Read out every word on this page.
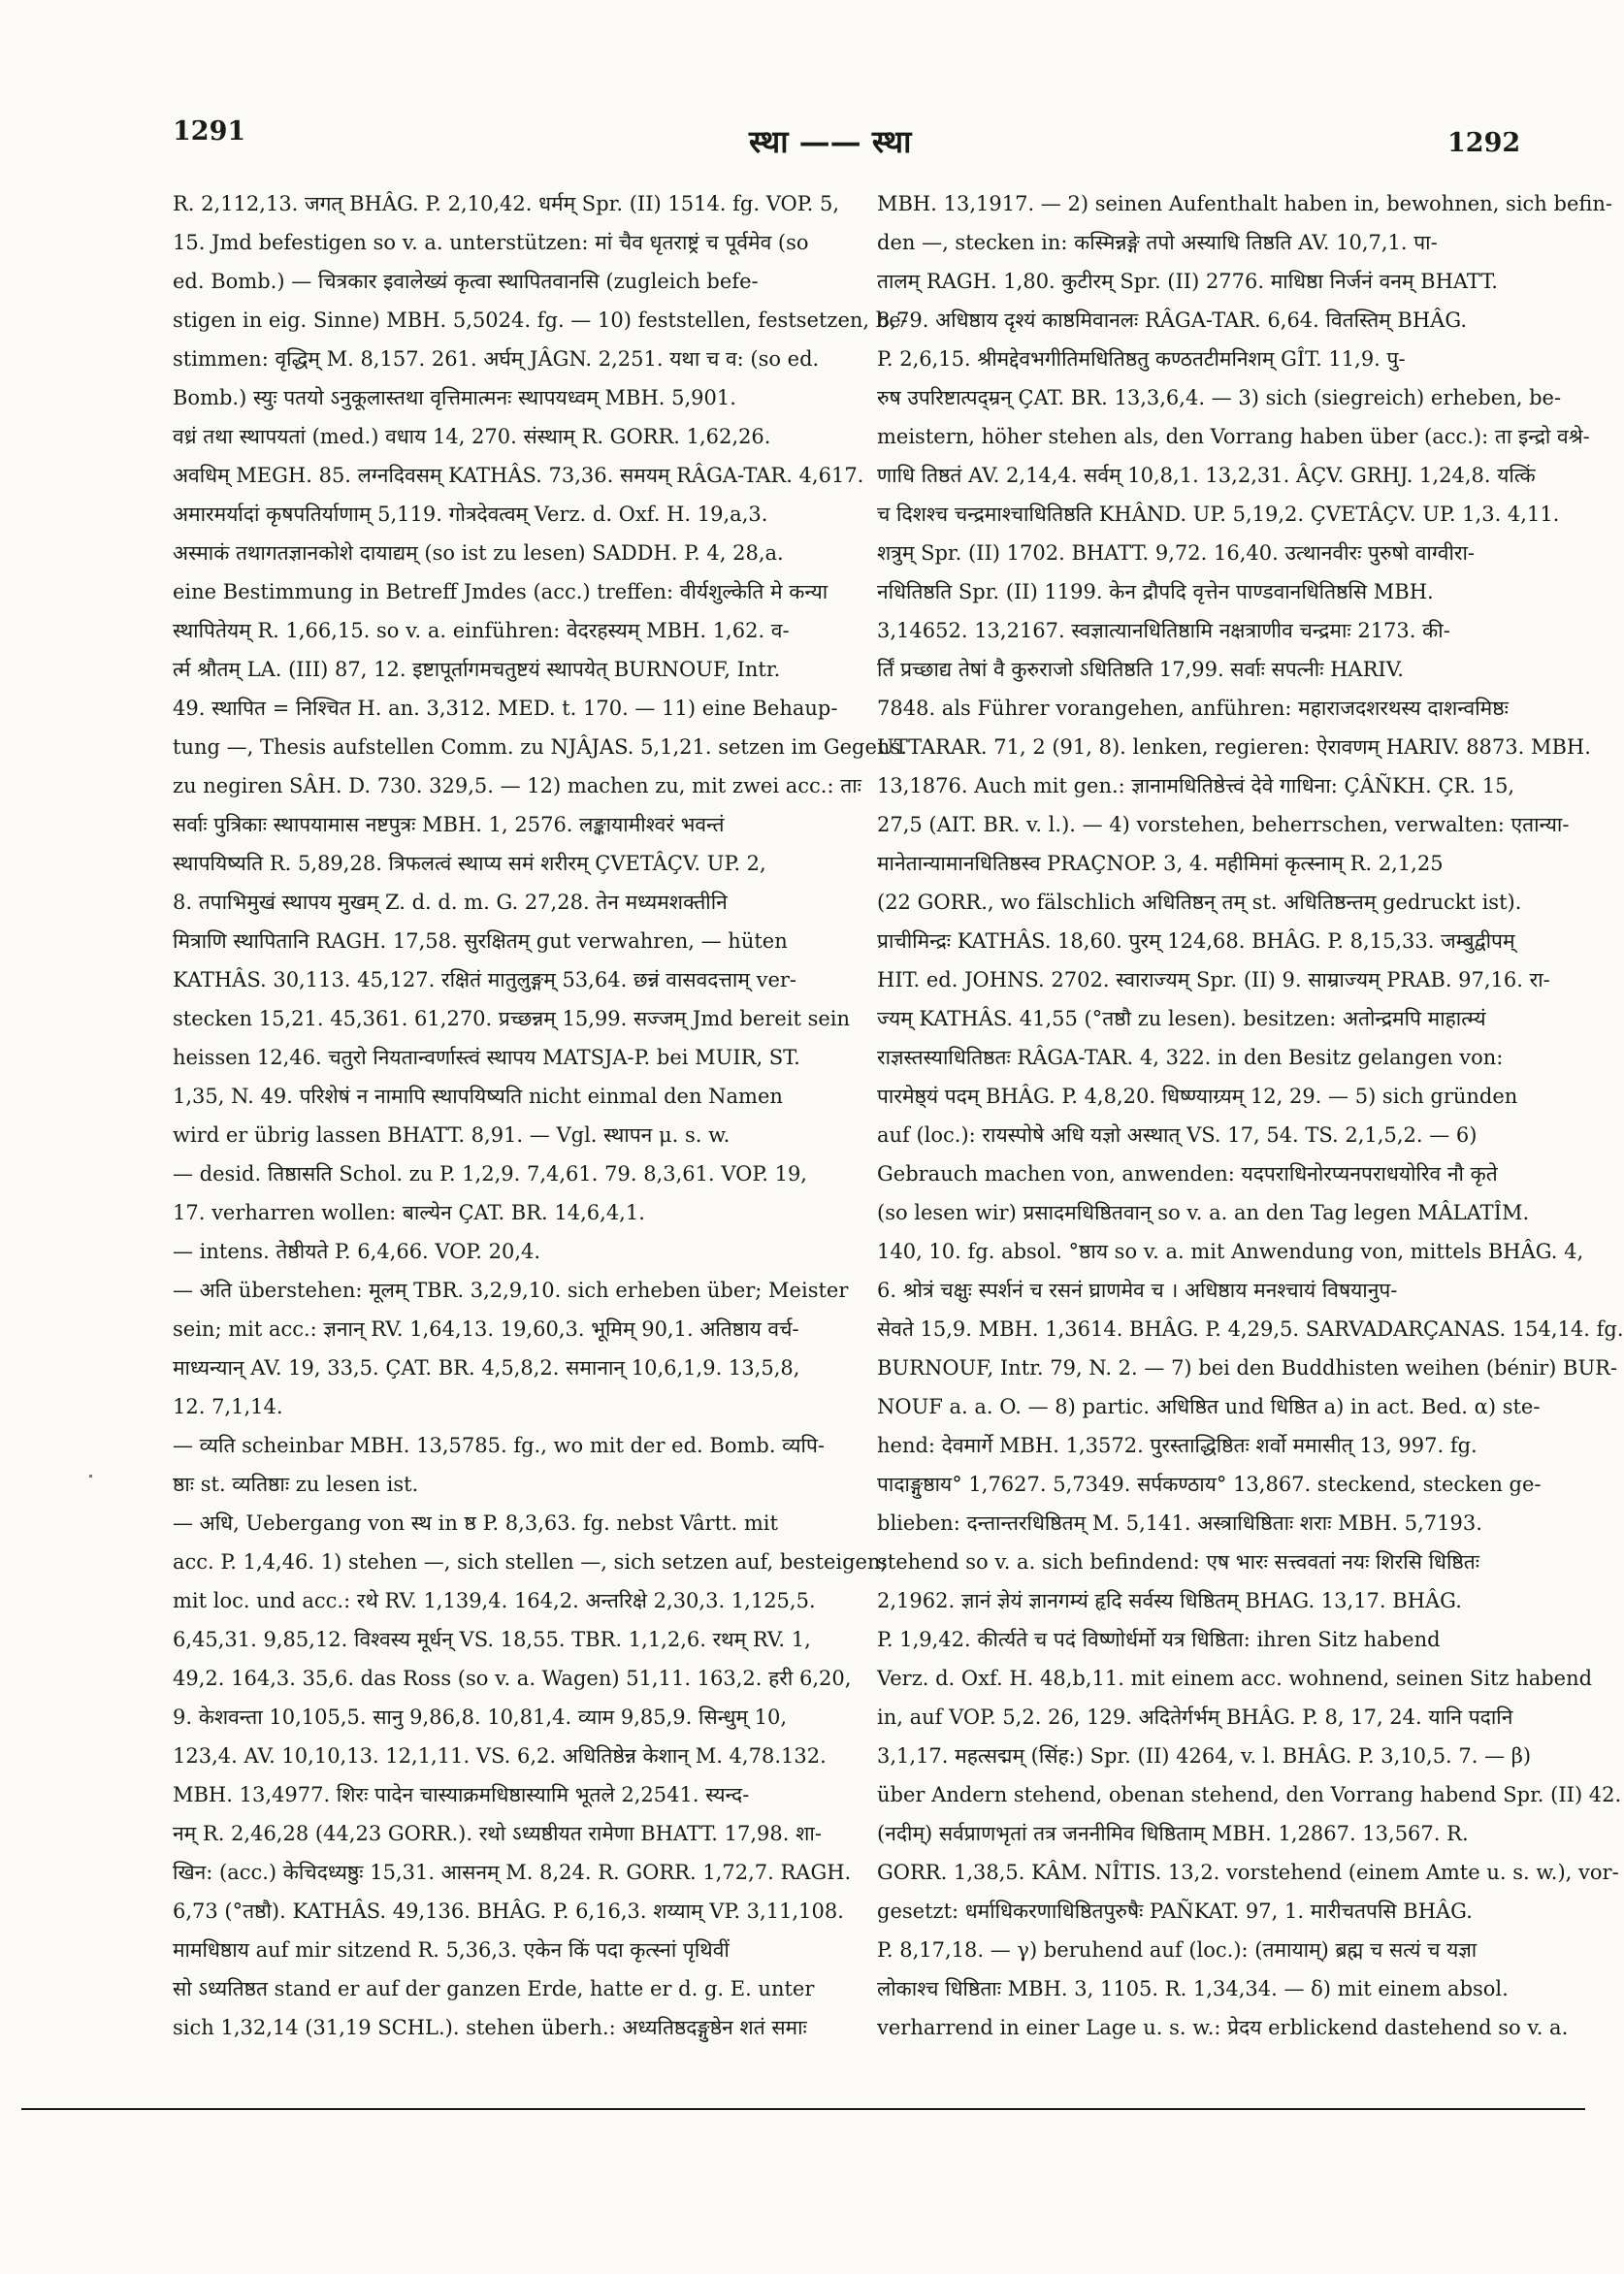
1291	स्था —— स्था	1292
R. 2,112,13. जगत् BHÂG. P. 2,10,42. धर्मम् Spr. (II) 1514. fg. VOP. 5,
15. Jmd befestigen so v. a. unterstützen: मां चैव धृतराष्ट्रं च पूर्वमेव (so
ed. Bomb.) — चित्रकार इवालेख्यं कृत्वा स्थापितवानसि (zugleich befe-
stigen in eig. Sinne) MBH. 5,5024. fg. — 10) feststellen, festsetzen, be-
stimmen: वृद्धिम् M. 8,157. 261. अर्घम् JÂGN. 2,251. यथा च व: (so ed.
Bomb.) स्युः पतयो ऽनुकूलास्तथा वृत्तिमात्मनः स्थापयध्वम् MBH. 5,901.
वध्रं तथा स्थापयतां (med.) वधाय 14, 270. संस्थाम् R. GORR. 1,62,26.
अवधिम् MEGH. 85. लग्नदिवसम् KATHÂS. 73,36. समयम् RÂGA-TAR. 4,617.
अमारमर्यादां कृषपतिर्याणाम् 5,119. गोत्रदेवत्वम् Verz. d. Oxf. H. 19,a,3.
अस्माकं तथागतज्ञानकोशे दायाद्यम् (so ist zu lesen) SADDH. P. 4, 28,a.
eine Bestimmung in Betreff Jmdes (acc.) treffen: वीर्यशुल्केति मे कन्या
स्थापितेयम् R. 1,66,15. so v. a. einführen: वेदरहस्यम् MBH. 1,62. व-
र्त्म श्रौतम् LA. (III) 87, 12. इष्टापूर्तागमचतुष्टयं स्थापयेत् BURNOUF, Intr.
49. स्थापित = निश्चित H. an. 3,312. MED. t. 170. — 11) eine Behaup-
tung —, Thesis aufstellen Comm. zu NJÂJAS. 5,1,21. setzen im Gegens.
zu negiren SÂH. D. 730. 329,5. — 12) machen zu, mit zwei acc.: ताः
सर्वाः पुत्रिकाः स्थापयामास नष्टपुत्रः MBH. 1, 2576. लङ्कायामीश्वरं भवन्तं
स्थापयिष्यति R. 5,89,28. त्रिफलत्वं स्थाप्य समं शरीरम् ÇVETÂÇV. UP. 2,
8. तपाभिमुखं स्थापय मुखम् Z. d. d. m. G. 27,28. तेन मध्यमशक्तीनि
मित्राणि स्थापितानि RAGH. 17,58. सुरक्षितम् gut verwahren, — hüten
KATHÂS. 30,113. 45,127. रक्षितं मातुलुङ्गम् 53,64. छन्नं वासवदत्ताम् ver-
stecken 15,21. 45,361. 61,270. प्रच्छन्नम् 15,99. सज्जम् Jmd bereit sein
heissen 12,46. चतुरो नियतान्वर्णास्त्वं स्थापय MATSJA-P. bei MUIR, ST.
1,35, N. 49. परिशेषं न नामापि स्थापयिष्यति nicht einmal den Namen
wird er übrig lassen BHATT. 8,91. — Vgl. स्थापन μ. s. w.
— desid. तिष्ठासति Schol. zu P. 1,2,9. 7,4,61. 79. 8,3,61. VOP. 19,
17. verharren wollen: बाल्येन ÇAT. BR. 14,6,4,1.
— intens. तेष्ठीयते P. 6,4,66. VOP. 20,4.
— अति überstehen: मूलम् TBR. 3,2,9,10. sich erheben über; Meister
sein; mit acc.: ज्ञनान् RV. 1,64,13. 19,60,3. भूमिम् 90,1. अतिष्ठाय वर्च-
माध्यन्यान् AV. 19, 33,5. ÇAT. BR. 4,5,8,2. समानान् 10,6,1,9. 13,5,8,
12. 7,1,14.
— व्यति scheinbar MBH. 13,5785. fg., wo mit der ed. Bomb. व्यपि-
ष्ठाः st. व्यतिष्ठाः zu lesen ist.
— अधि, Uebergang von स्थ in ष्ठ P. 8,3,63. fg. nebst Vârtt. mit
acc. P. 1,4,46. 1) stehen —, sich stellen —, sich setzen auf, besteigen;
mit loc. und acc.: रथे RV. 1,139,4. 164,2. अन्तरिक्षे 2,30,3. 1,125,5.
6,45,31. 9,85,12. विश्वस्य मूर्धन् VS. 18,55. TBR. 1,1,2,6. रथम् RV. 1,
49,2. 164,3. 35,6. das Ross (so v. a. Wagen) 51,11. 163,2. हरी 6,20,
9. केशवन्ता 10,105,5. सानु 9,86,8. 10,81,4. व्याम 9,85,9. सिन्धुम् 10,
123,4. AV. 10,10,13. 12,1,11. VS. 6,2. अधितिष्ठेन्न केशान् M. 4,78.132.
MBH. 13,4977. शिरः पादेन चास्याक्रमधिष्ठास्यामि भूतले 2,2541. स्यन्द-
नम् R. 2,46,28 (44,23 GORR.). रथो ऽध्यष्ठीयत रामेणा BHATT. 17,98. शा-
खिन: (acc.) केचिदध्यष्ठुः 15,31. आसनम् M. 8,24. R. GORR. 1,72,7. RAGH.
6,73 (°तष्ठौ). KATHÂS. 49,136. BHÂG. P. 6,16,3. शय्याम् VP. 3,11,108.
मामधिष्ठाय auf mir sitzend R. 5,36,3. एकेन किं पदा कृत्स्नां पृथिवीं
सो ऽध्यतिष्ठत stand er auf der ganzen Erde, hatte er d. g. E. unter
sich 1,32,14 (31,19 SCHL.). stehen überh.: अध्यतिष्ठदङ्गुष्ठेन शतं समाः
MBH. 13,1917. — 2) seinen Aufenthalt haben in, bewohnen, sich befin-
den —, stecken in: कस्मिन्नङ्गे तपो अस्याधि तिष्ठति AV. 10,7,1. पा-
तालम् RAGH. 1,80. कुटीरम् Spr. (II) 2776. माधिष्ठा निर्जनं वनम् BHATT.
8,79. अधिष्ठाय दृश्यं काष्ठमिवानलः RÂGA-TAR. 6,64. वितस्तिम् BHÂG.
P. 2,6,15. श्रीमद्देवभगीतिमधितिष्ठतु कण्ठतटीमनिशम् GÎT. 11,9. पु-
रुष उपरिष्टात्पद्म्रन् ÇAT. BR. 13,3,6,4. — 3) sich (siegreich) erheben, be-
meistern, höher stehen als, den Vorrang haben über (acc.): ता इन्द्रो वश्रे-
णाधि तिष्ठतं AV. 2,14,4. सर्वम् 10,8,1. 13,2,31. ÂÇV. GRHJ. 1,24,8. यत्किं
च दिशश्च चन्द्रमाश्चाधितिष्ठति KHÂND. UP. 5,19,2. ÇVETÂÇV. UP. 1,3. 4,11.
शत्रुम् Spr. (II) 1702. BHATT. 9,72. 16,40. उत्थानवीरः पुरुषो वाग्वीरा-
नधितिष्ठति Spr. (II) 1199. केन द्रौपदि वृत्तेन पाण्डवानधितिष्ठसि MBH.
3,14652. 13,2167. स्वज्ञात्यानधितिष्ठामि नक्षत्राणीव चन्द्रमाः 2173. की-
र्तिं प्रच्छाद्य तेषां वै कुरुराजो ऽधितिष्ठति 17,99. सर्वाः सपत्नीः HARIV.
7848. als Führer vorangehen, anführen: महाराजदशरथस्य दाशन्वमिष्ठः
UTTARAR. 71, 2 (91, 8). lenken, regieren: ऐरावणम् HARIV. 8873. MBH.
13,1876. Auch mit gen.: ज्ञानामधितिष्ठेत्त्वं देवे गाधिना: ÇÂÑKH. ÇR. 15,
27,5 (AIT. BR. v. l.). — 4) vorstehen, beherrschen, verwalten: एतान्या-
मानेतान्यामानधितिष्ठस्व PRAÇNOP. 3, 4. महीमिमां कृत्स्नाम् R. 2,1,25
(22 GORR., wo fälschlich अधितिष्ठन् तम् st. अधितिष्ठन्तम् gedruckt ist).
प्राचीमिन्द्रः KATHÂS. 18,60. पुरम् 124,68. BHÂG. P. 8,15,33. जम्बुद्वीपम्
HIT. ed. JOHNS. 2702. स्वाराज्यम् Spr. (II) 9. साम्राज्यम् PRAB. 97,16. रा-
ज्यम् KATHÂS. 41,55 (°तष्ठौ zu lesen). besitzen: अतोन्द्रमपि माहात्म्यं
राज्ञस्तस्याधितिष्ठतः RÂGA-TAR. 4, 322. in den Besitz gelangen von:
पारमेष्ठ्यं पदम् BHÂG. P. 4,8,20. धिष्ण्याग्र्यम् 12, 29. — 5) sich gründen
auf (loc.): रायस्पोषे अधि यज्ञो अस्थात् VS. 17, 54. TS. 2,1,5,2. — 6)
Gebrauch machen von, anwenden: यदपराधिनोरप्यनपराधयोरिव नौ कृते
(so lesen wir) प्रसादमधिष्ठितवान् so v. a. an den Tag legen MÂLATÎM.
140, 10. fg. absol. °ष्ठाय so v. a. mit Anwendung von, mittels BHÂG. 4,
6. श्रोत्रं चक्षुः स्पर्शनं च रसनं घ्राणमेव च । अधिष्ठाय मनश्चायं विषयानुप-
सेवते 15,9. MBH. 1,3614. BHÂG. P. 4,29,5. SARVADARÇANAS. 154,14. fg.
BURNOUF, Intr. 79, N. 2. — 7) bei den Buddhisten weihen (bénir) BUR-
NOUF a. a. O. — 8) partic. अधिष्ठित und धिष्ठित a) in act. Bed. α) ste-
hend: देवमार्गे MBH. 1,3572. पुरस्ताद्धिष्ठितः शर्वो ममासीत् 13, 997. fg.
पादाङ्गुष्ठाय° 1,7627. 5,7349. सर्पकण्ठाय° 13,867. steckend, stecken ge-
blieben: दन्तान्तरधिष्ठितम् M. 5,141. अस्त्राधिष्ठिताः शराः MBH. 5,7193.
stehend so v. a. sich befindend: एष भारः सत्त्ववतां नयः शिरसि धिष्ठितः
2,1962. ज्ञानं ज्ञेयं ज्ञानगम्यं हृदि सर्वस्य धिष्ठितम् BHAG. 13,17. BHÂG.
P. 1,9,42. कीर्त्यते च पदं विष्णोर्धर्मो यत्र धिष्ठिता: ihren Sitz habend
Verz. d. Oxf. H. 48,b,11. mit einem acc. wohnend, seinen Sitz habend
in, auf VOP. 5,2. 26, 129. अदितेर्गर्भम् BHÂG. P. 8, 17, 24. यानि पदानि
3,1,17. महत्सद्मम् (सिंह:) Spr. (II) 4264, v. l. BHÂG. P. 3,10,5. 7. — β)
über Andern stehend, obenan stehend, den Vorrang habend Spr. (II) 42.
(नदीम्) सर्वप्राणभृतां तत्र जननीमिव धिष्ठिताम् MBH. 1,2867. 13,567. R.
GORR. 1,38,5. KÂM. NÎTIS. 13,2. vorstehend (einem Amte u. s. w.), vor-
gesetzt: धर्माधिकरणाधिष्ठितपुरुषैः PAÑKAT. 97, 1. मारीचतपसि BHÂG.
P. 8,17,18. — γ) beruhend auf (loc.): (तमायाम्) ब्रह्म च सत्यं च यज्ञा
लोकाश्च धिष्ठिताः MBH. 3, 1105. R. 1,34,34. — δ) mit einem absol.
verharrend in einer Lage u. s. w.: प्रेदय erblickend dastehend so v. a.
